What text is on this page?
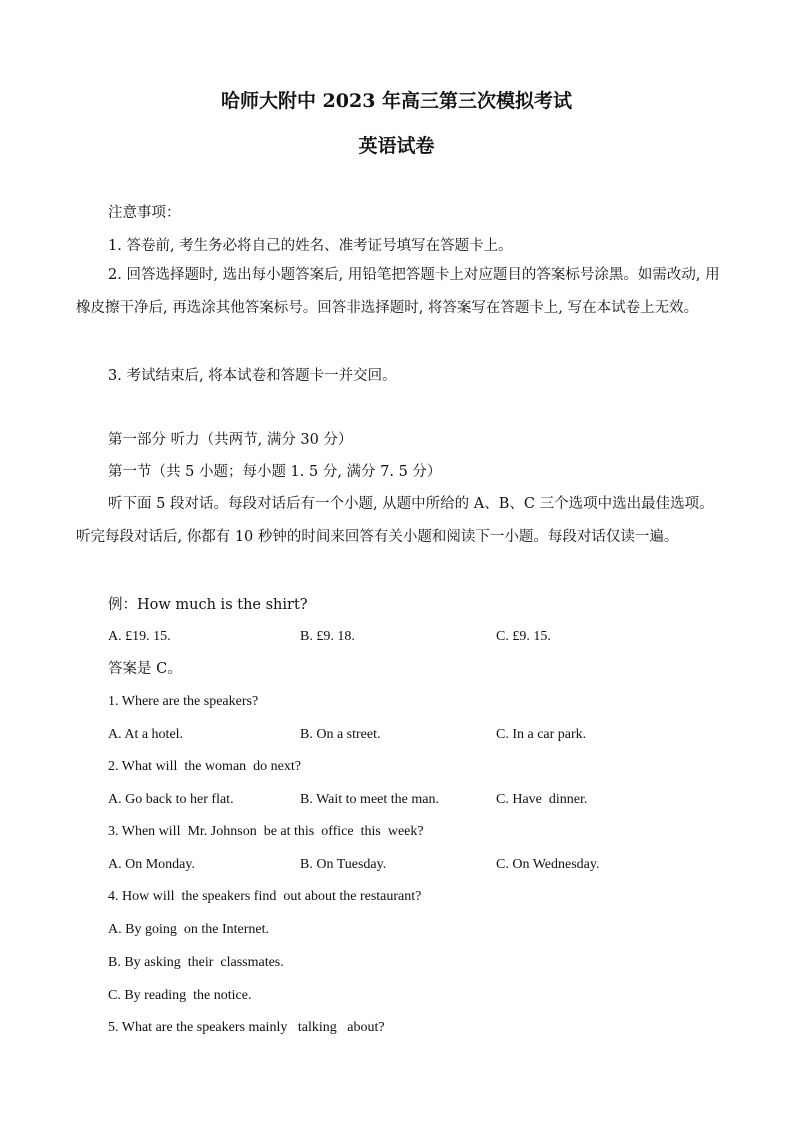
哈师大附中 2023 年高三第三次模拟考试
英语试卷
注意事项：
1. 答卷前, 考生务必将自己的姓名、准考证号填写在答题卡上。
2. 回答选择题时, 选出每小题答案后, 用铅笔把答题卡上对应题目的答案标号涂黑。如需改动, 用橡皮擦干净后, 再选涂其他答案标号。回答非选择题时, 将答案写在答题卡上, 写在本试卷上无效。
3. 考试结束后, 将本试卷和答题卡一并交回。
第一部分 听力（共两节, 满分 30 分）
第一节（共 5 小题；每小题 1. 5 分, 满分 7. 5 分）
听下面 5 段对话。每段对话后有一个小题, 从题中所给的 A、B、C 三个选项中选出最佳选项。听完每段对话后, 你都有 10 秒钟的时间来回答有关小题和阅读下一小题。每段对话仅读一遍。
例：How much is the shirt?
A. £19. 15.	B. £9. 18.	C. £9. 15.
答案是 C。
1. Where are the speakers?
A. At a hotel.	B. On a street.	C. In a car park.
2. What will  the woman  do next?
A. Go back to her flat.	B. Wait to meet the man.	C. Have  dinner.
3. When will  Mr. Johnson  be at this  office  this  week?
A. On Monday.	B. On Tuesday.	C. On Wednesday.
4. How will  the speakers find  out about the restaurant?
A. By going  on the Internet.
B. By asking  their  classmates.
C. By reading  the notice.
5. What are the speakers mainly   talking   about?
